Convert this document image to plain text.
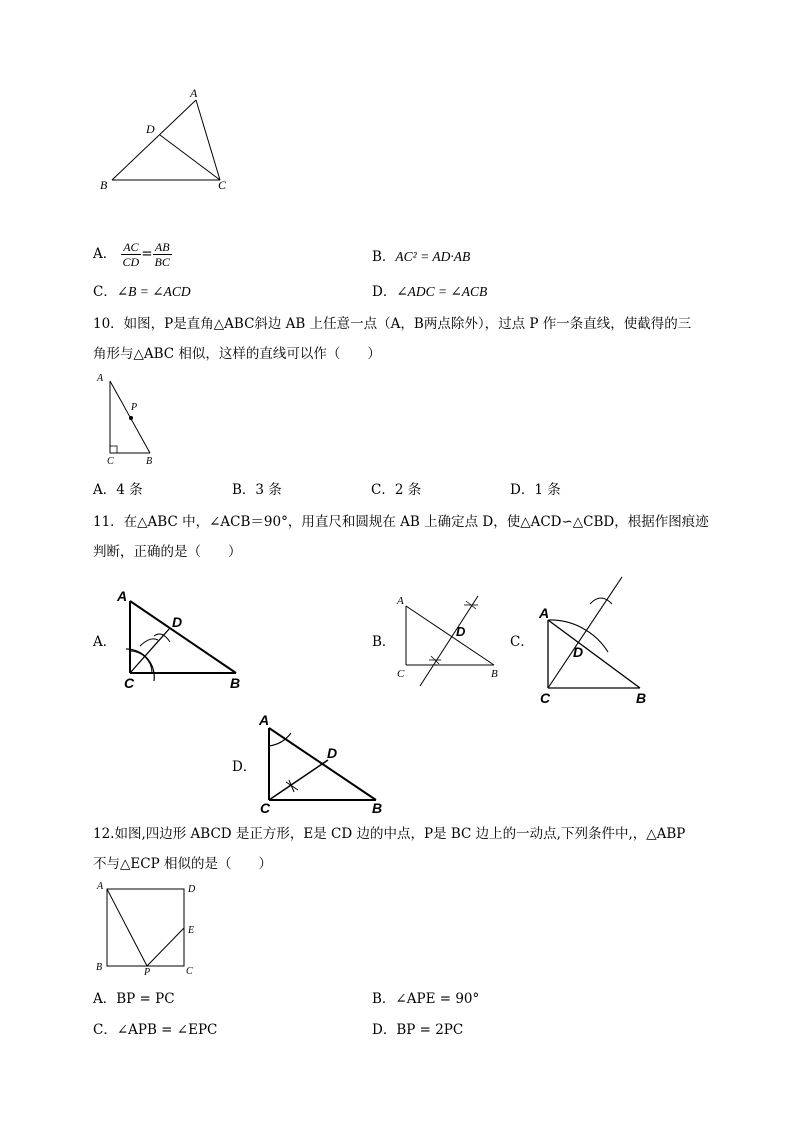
A
D
B	C
A． $\frac{AC}{CD} = \frac{AB}{BC}$	B．AC² = AD·AB
C．∠B = ∠ACD	D．∠ADC = ∠ACB
10．如图，P是直角△ABC斜边 AB 上任意一点（A，B两点除外），过点 P 作一条直线，使截得的三
角形与△ABC 相似，这样的直线可以作（　　）
A
P
C	B
A．4 条	B．3 条	C．2 条	D．1 条
11．在△ABC 中，∠ACB＝90°，用直尺和圆规在 AB 上确定点 D，使△ACD∽△CBD，根据作图痕迹
判断，正确的是（　　）
A．
A
D
C	B
B．
A
D
C	B
C．
A
D
C	B
D．
A
D
C	B
12.如图,四边形 ABCD 是正方形，E是 CD 边的中点，P是 BC 边上的一动点,下列条件中,，△ABP
不与△ECP 相似的是（　　）
A	D
E
B	P	C
A．BP = PC	B．∠APE = 90°
C．∠APB = ∠EPC	D．BP = 2PC
